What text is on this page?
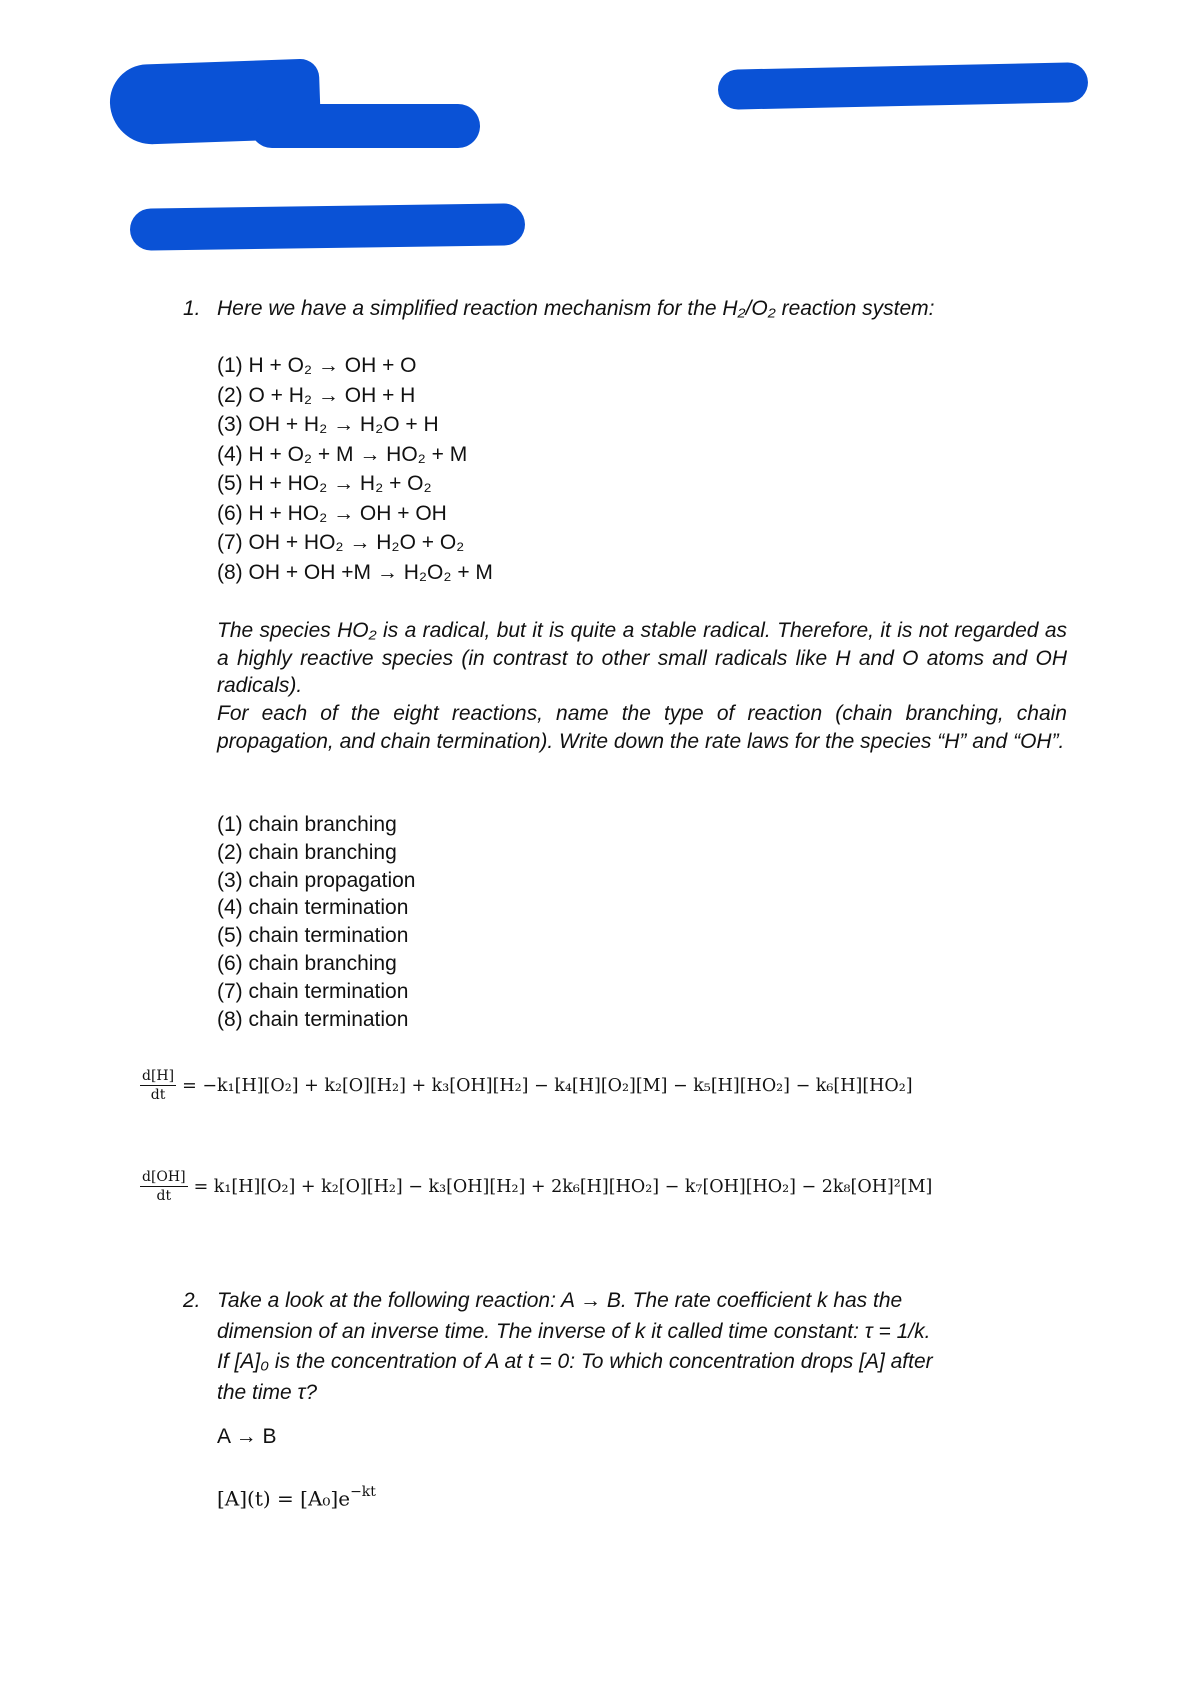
1. Here we have a simplified reaction mechanism for the H₂/O₂ reaction system:
(1) H + O₂ → OH + O
(2) O + H₂ → OH + H
(3) OH + H₂ → H₂O + H
(4) H + O₂ + M → HO₂ + M
(5) H + HO₂ → H₂ + O₂
(6) H + HO₂ → OH + OH
(7) OH + HO₂ → H₂O + O₂
(8) OH + OH +M → H₂O₂ + M
The species HO₂ is a radical, but it is quite a stable radical. Therefore, it is not regarded as a highly reactive species (in contrast to other small radicals like H and O atoms and OH radicals).
For each of the eight reactions, name the type of reaction (chain branching, chain propagation, and chain termination). Write down the rate laws for the species “H” and “OH”.
(1) chain branching
(2) chain branching
(3) chain propagation
(4) chain termination
(5) chain termination
(6) chain branching
(7) chain termination
(8) chain termination
$\frac{d[H]}{dt} = -k_1[H][O_2] + k_2[O][H_2] + k_3[OH][H_2] - k_4[H][O_2][M] - k_5[H][HO_2] - k_6[H][HO_2]$
$\frac{d[OH]}{dt} = k_1[H][O_2] + k_2[O][H_2] - k_3[OH][H_2] + 2k_6[H][HO_2] - k_7[OH][HO_2] - 2k_8[OH]^2[M]$
2. Take a look at the following reaction: A → B. The rate coefficient k has the
dimension of an inverse time. The inverse of k it called time constant: τ = 1/k.
If [A]₀ is the concentration of A at t = 0: To which concentration drops [A] after
the time τ?
A → B
$[A](t) = [A_0]e^{-kt}$
